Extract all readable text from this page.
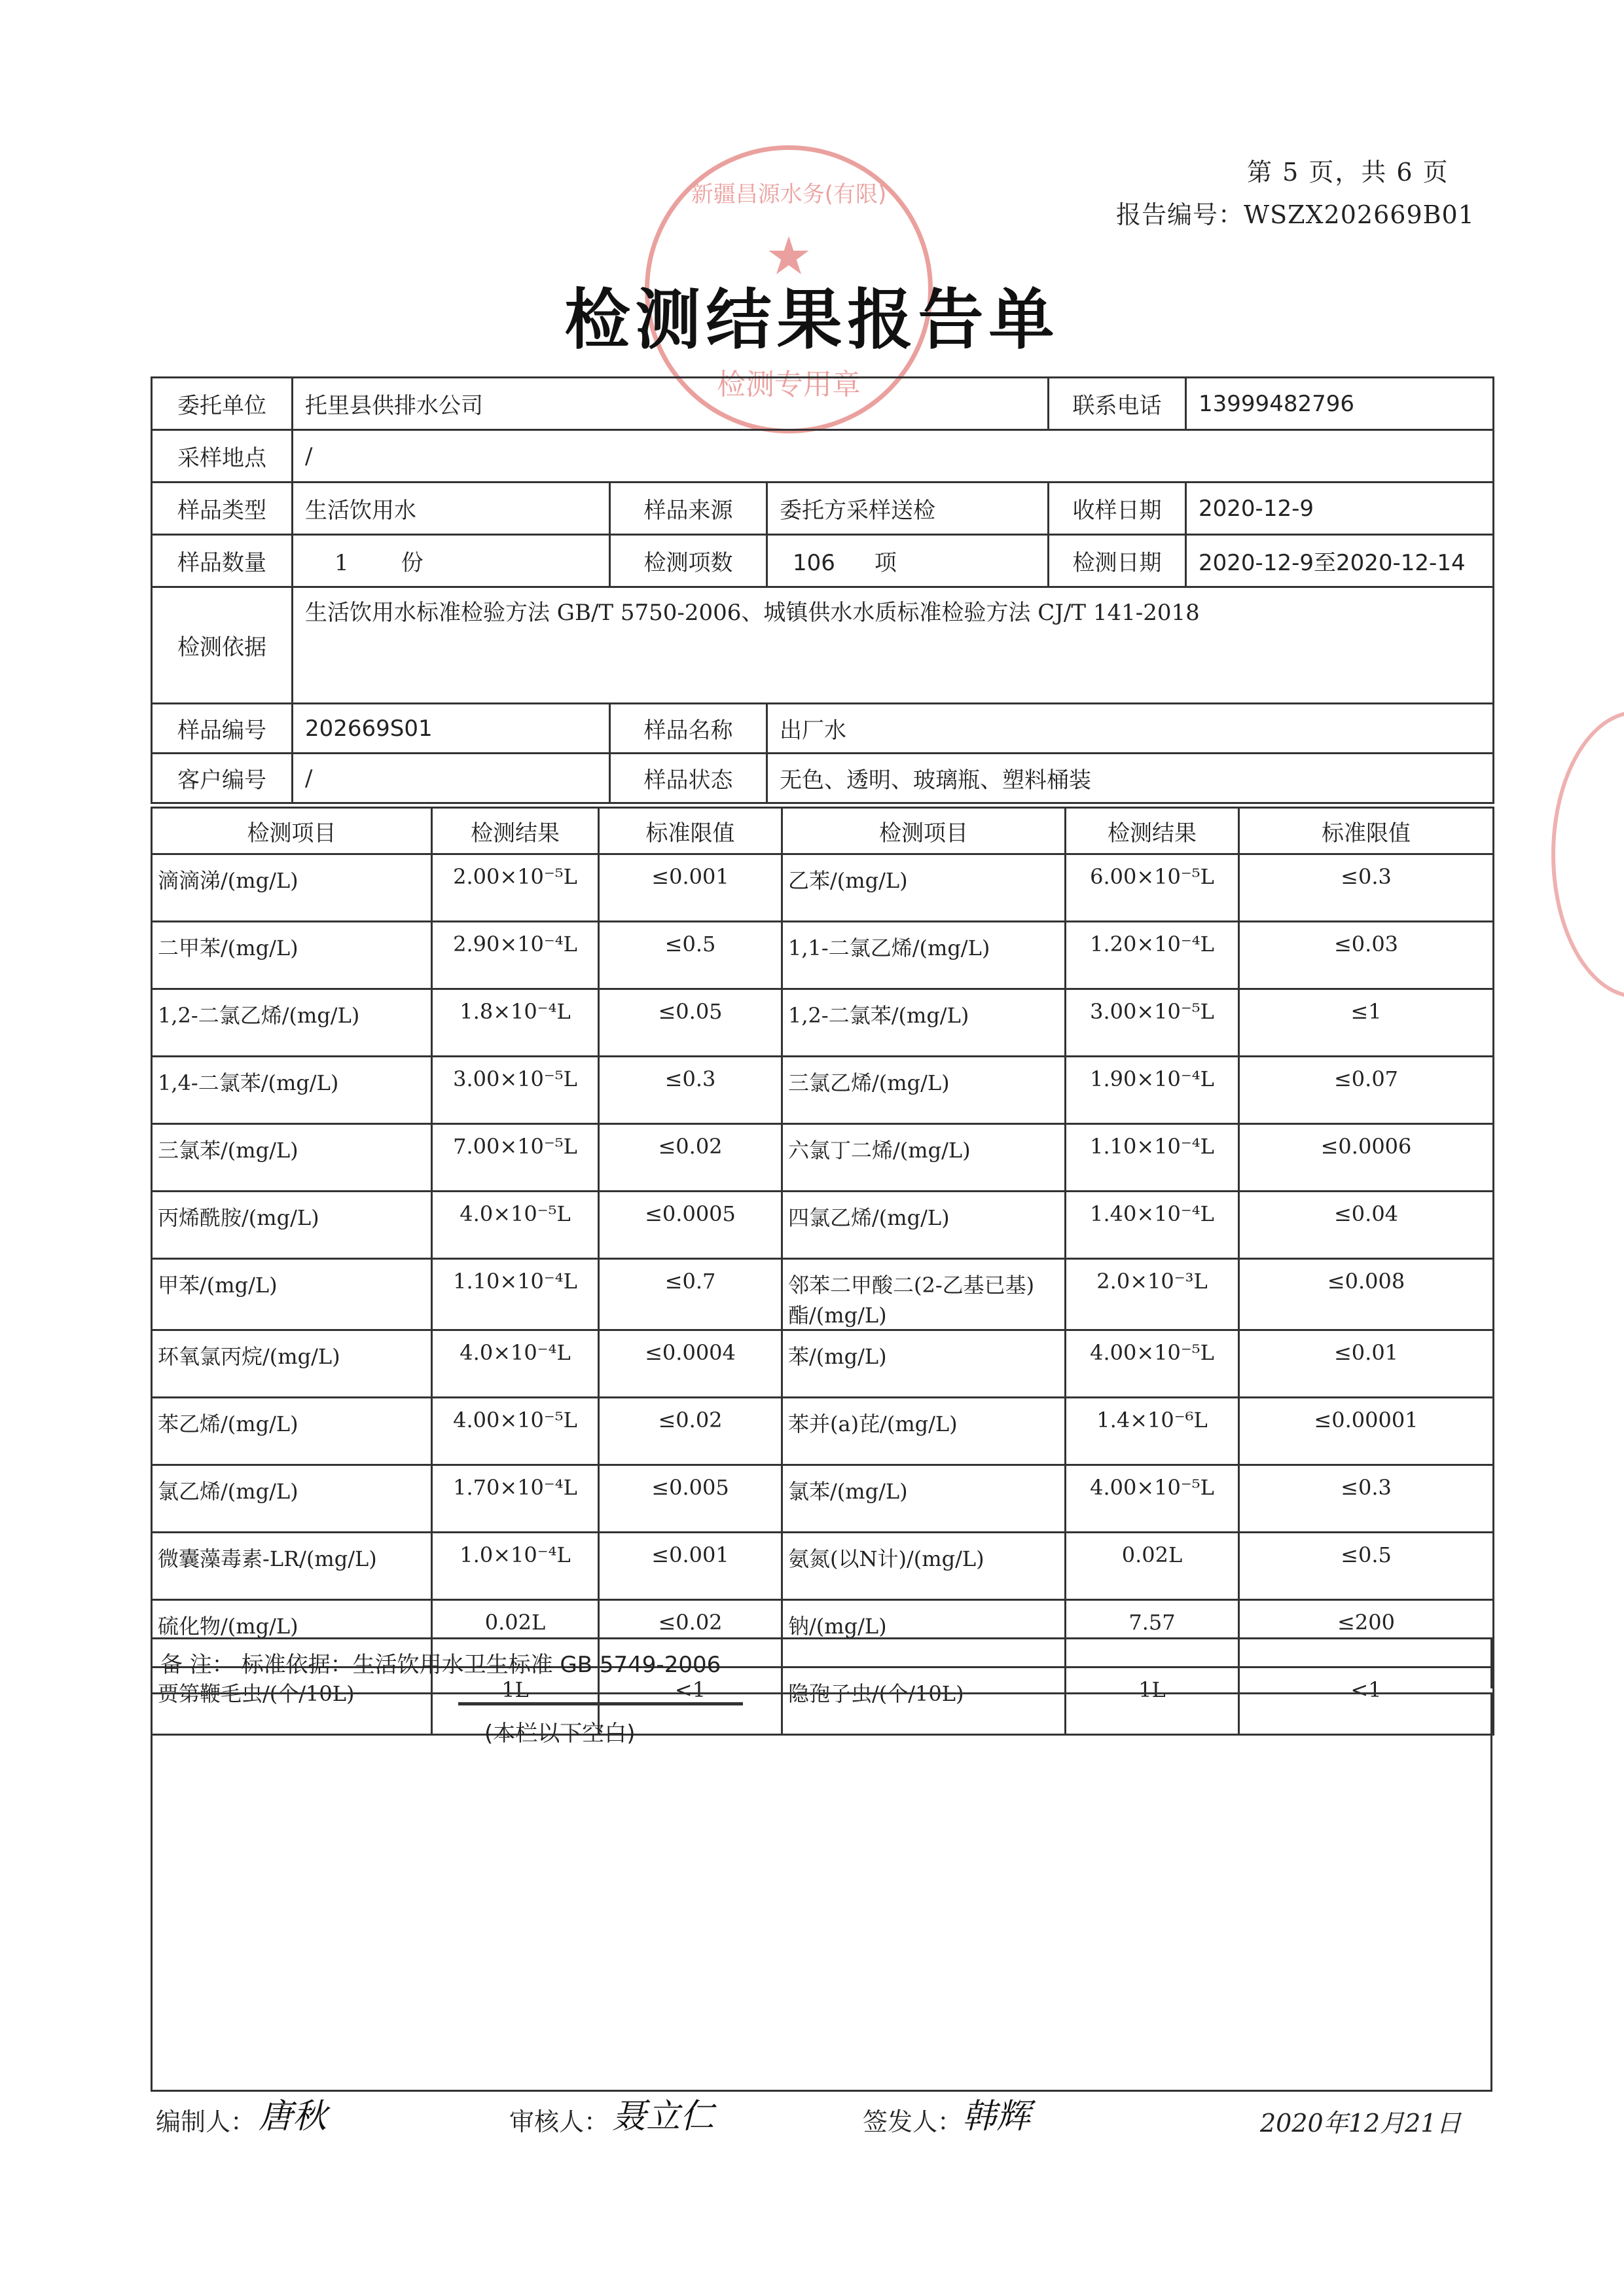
第 5 页，共 6 页
报告编号：WSZX202669B01
新疆昌源水务(有限)
★
检测专用章
检测结果报告单
委托单位	托里县供排水公司			联系电话	13999482796
采样地点	/				
样品类型	生活饮用水	样品来源	委托方采样送检	收样日期	2020-12-9
样品数量	1 份	检测项数	106 项	检测日期	2020-12-9至2020-12-14
检测依据	生活饮用水标准检验方法 GB/T 5750-2006、城镇供水水质标准检验方法 CJ/T 141-2018				
样品编号	202669S01	样品名称	出厂水		
客户编号	/	样品状态	无色、透明、玻璃瓶、塑料桶装		
检测项目	检测结果	标准限值	检测项目	检测结果	标准限值
滴滴涕/(mg/L)	2.00×10⁻⁵L	≤0.001	乙苯/(mg/L)	6.00×10⁻⁵L	≤0.3
二甲苯/(mg/L)	2.90×10⁻⁴L	≤0.5	1,1-二氯乙烯/(mg/L)	1.20×10⁻⁴L	≤0.03
1,2-二氯乙烯/(mg/L)	1.8×10⁻⁴L	≤0.05	1,2-二氯苯/(mg/L)	3.00×10⁻⁵L	≤1
1,4-二氯苯/(mg/L)	3.00×10⁻⁵L	≤0.3	三氯乙烯/(mg/L)	1.90×10⁻⁴L	≤0.07
三氯苯/(mg/L)	7.00×10⁻⁵L	≤0.02	六氯丁二烯/(mg/L)	1.10×10⁻⁴L	≤0.0006
丙烯酰胺/(mg/L)	4.0×10⁻⁵L	≤0.0005	四氯乙烯/(mg/L)	1.40×10⁻⁴L	≤0.04
甲苯/(mg/L)	1.10×10⁻⁴L	≤0.7	邻苯二甲酸二(2-乙基已基)酯/(mg/L)	2.0×10⁻³L	≤0.008
环氧氯丙烷/(mg/L)	4.0×10⁻⁴L	≤0.0004	苯/(mg/L)	4.00×10⁻⁵L	≤0.01
苯乙烯/(mg/L)	4.00×10⁻⁵L	≤0.02	苯并(a)芘/(mg/L)	1.4×10⁻⁶L	≤0.00001
氯乙烯/(mg/L)	1.70×10⁻⁴L	≤0.005	氯苯/(mg/L)	4.00×10⁻⁵L	≤0.3
微囊藻毒素-LR/(mg/L)	1.0×10⁻⁴L	≤0.001	氨氮(以N计)/(mg/L)	0.02L	≤0.5
硫化物/(mg/L)	0.02L	≤0.02	钠/(mg/L)	7.57	≤200
贾第鞭毛虫/(个/10L)	1L	<1	隐孢子虫/(个/10L)	1L	<1
备 注： 标准依据：生活饮用水卫生标准 GB 5749-2006
(本栏以下空白)
编制人： 唐秋	审核人： 聂立仁	签发人： 韩辉	2020年12月21日
